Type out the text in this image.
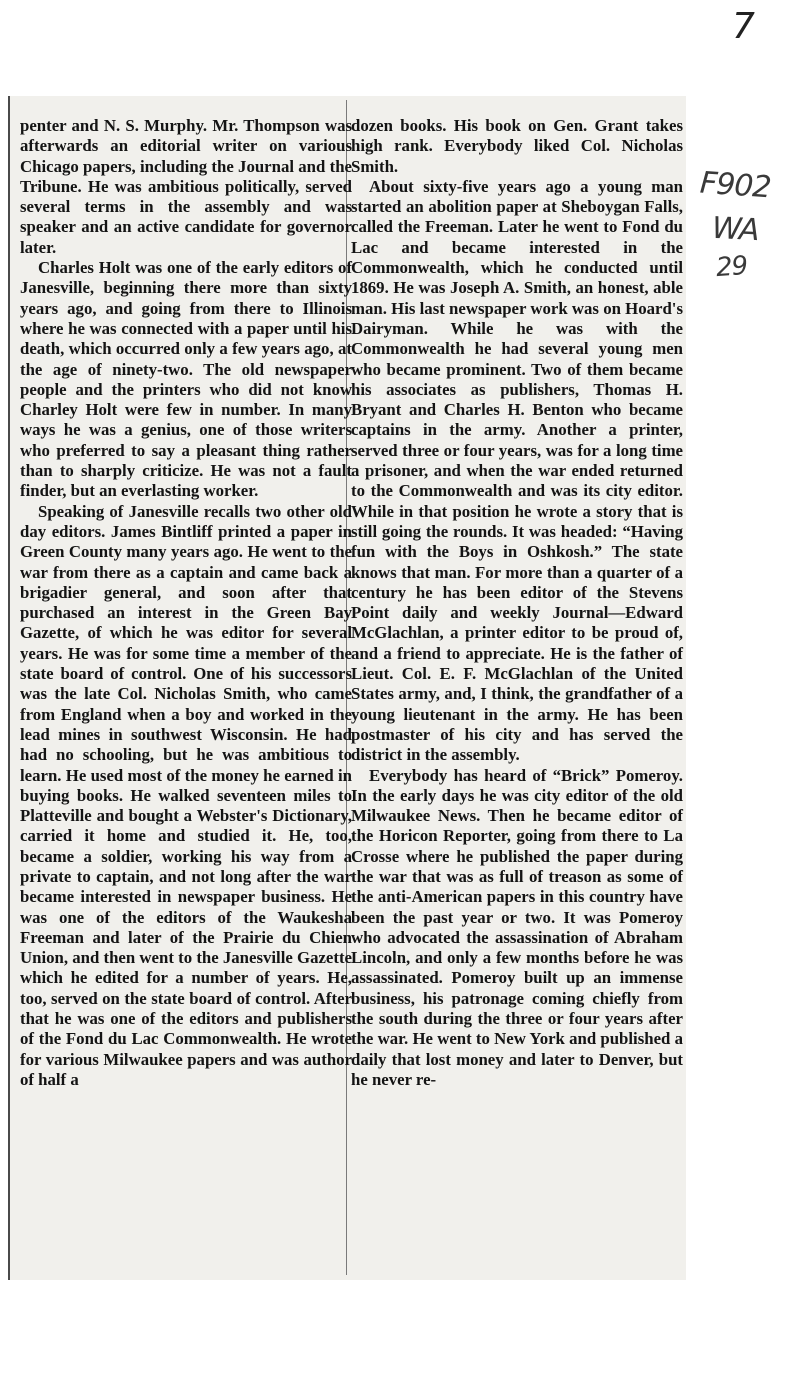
7
F902
WA
29

penter and N. S. Murphy. Mr. Thompson was afterwards an editorial writer on various Chicago papers, including the Journal and the Tribune. He was ambitious politically, served several terms in the assembly and was speaker and an active candidate for governor later.

Charles Holt was one of the early editors of Janesville, beginning there more than sixty years ago, and going from there to Illinois where he was connected with a paper until his death, which occurred only a few years ago, at the age of ninety-two. The old newspaper people and the printers who did not know Charley Holt were few in number. In many ways he was a genius, one of those writers who preferred to say a pleasant thing rather than to sharply criticize. He was not a fault finder, but an everlasting worker.

Speaking of Janesville recalls two other old day editors. James Bintliff printed a paper in Green County many years ago. He went to the war from there as a captain and came back a brigadier general, and soon after that purchased an interest in the Green Bay Gazette, of which he was editor for several years. He was for some time a member of the state board of control. One of his successors was the late Col. Nicholas Smith, who came from England when a boy and worked in the lead mines in southwest Wisconsin. He had had no schooling, but he was ambitious to learn. He used most of the money he earned in buying books. He walked seventeen miles to Platteville and bought a Webster's Dictionary, carried it home and studied it. He, too, became a soldier, working his way from a private to captain, and not long after the war became interested in newspaper business. He was one of the editors of the Waukesha Freeman and later of the Prairie du Chien Union, and then went to the Janesville Gazette which he edited for a number of years. He, too, served on the state board of control. After that he was one of the editors and publishers of the Fond du Lac Commonwealth. He wrote for various Milwaukee papers and was author of half a

dozen books. His book on Gen. Grant takes high rank. Everybody liked Col. Nicholas Smith.

About sixty-five years ago a young man started an abolition paper at Sheboygan Falls, called the Freeman. Later he went to Fond du Lac and became interested in the Commonwealth, which he conducted until 1869. He was Joseph A. Smith, an honest, able man. His last newspaper work was on Hoard's Dairyman. While he was with the Commonwealth he had several young men who became prominent. Two of them became his associates as publishers, Thomas H. Bryant and Charles H. Benton who became captains in the army. Another a printer, served three or four years, was for a long time a prisoner, and when the war ended returned to the Commonwealth and was its city editor. While in that position he wrote a story that is still going the rounds. It was headed: “Having fun with the Boys in Oshkosh.” The state knows that man. For more than a quarter of a century he has been editor of the Stevens Point daily and weekly Journal—Edward McGlachlan, a printer editor to be proud of, and a friend to appreciate. He is the father of Lieut. Col. E. F. McGlachlan of the United States army, and, I think, the grandfather of a young lieutenant in the army. He has been postmaster of his city and has served the district in the assembly.

Everybody has heard of “Brick” Pomeroy. In the early days he was city editor of the old Milwaukee News. Then he became editor of the Horicon Reporter, going from there to La Crosse where he published the paper during the war that was as full of treason as some of the anti-American papers in this country have been the past year or two. It was Pomeroy who advocated the assassination of Abraham Lincoln, and only a few months before he was assassinated. Pomeroy built up an immense business, his patronage coming chiefly from the south during the three or four years after the war. He went to New York and published a daily that lost money and later to Denver, but he never re-
